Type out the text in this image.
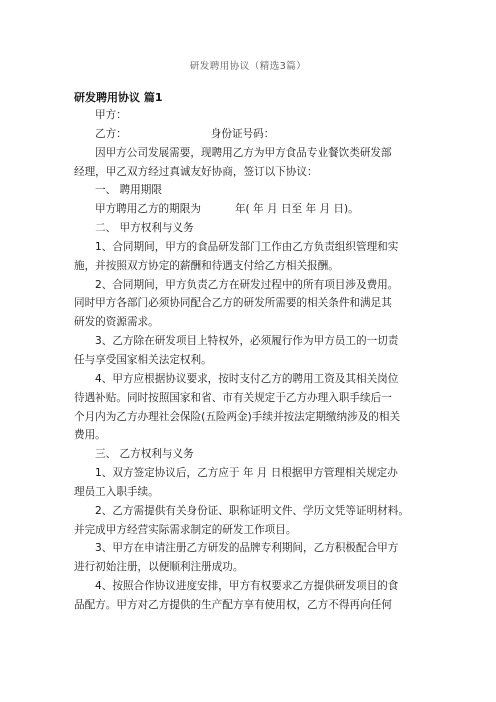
研发聘用协议（精选3篇）
研发聘用协议 篇1
甲方：
乙方：	身份证号码：
因甲方公司发展需要，现聘用乙方为甲方食品专业餐饮类研发部
经理，甲乙双方经过真诚友好协商，签订以下协议：
一、 聘用期限
甲方聘用乙方的期限为	年( 年 月 日至 年 月 日)。
二、 甲方权利与义务
1、合同期间，甲方的食品研发部门工作由乙方负责组织管理和实
施，并按照双方协定的薪酬和待遇支付给乙方相关报酬。
2、合同期间，甲方负责乙方在研发过程中的所有项目涉及费用。
同时甲方各部门必须协同配合乙方的研发所需要的相关条件和满足其
研发的资源需求。
3、乙方除在研发项目上特权外，必须履行作为甲方员工的一切责
任与享受国家相关法定权利。
4、甲方应根据协议要求，按时支付乙方的聘用工资及其相关岗位
待遇补贴。同时按照国家和省、市有关规定于乙方办理入职手续后一
个月内为乙方办理社会保险(五险两金)手续并按法定期缴纳涉及的相关
费用。
三、 乙方权利与义务
1、双方签定协议后，乙方应于 年 月 日根据甲方管理相关规定办
理员工入职手续。
2、乙方需提供有关身份证、职称证明文件、学历文凭等证明材料。
并完成甲方经营实际需求制定的研发工作项目。
3、甲方在申请注册乙方研发的品牌专利期间，乙方积极配合甲方
进行初始注册，以便顺利注册成功。
4、按照合作协议进度安排，甲方有权要求乙方提供研发项目的食
品配方。甲方对乙方提供的生产配方享有使用权，乙方不得再向任何
